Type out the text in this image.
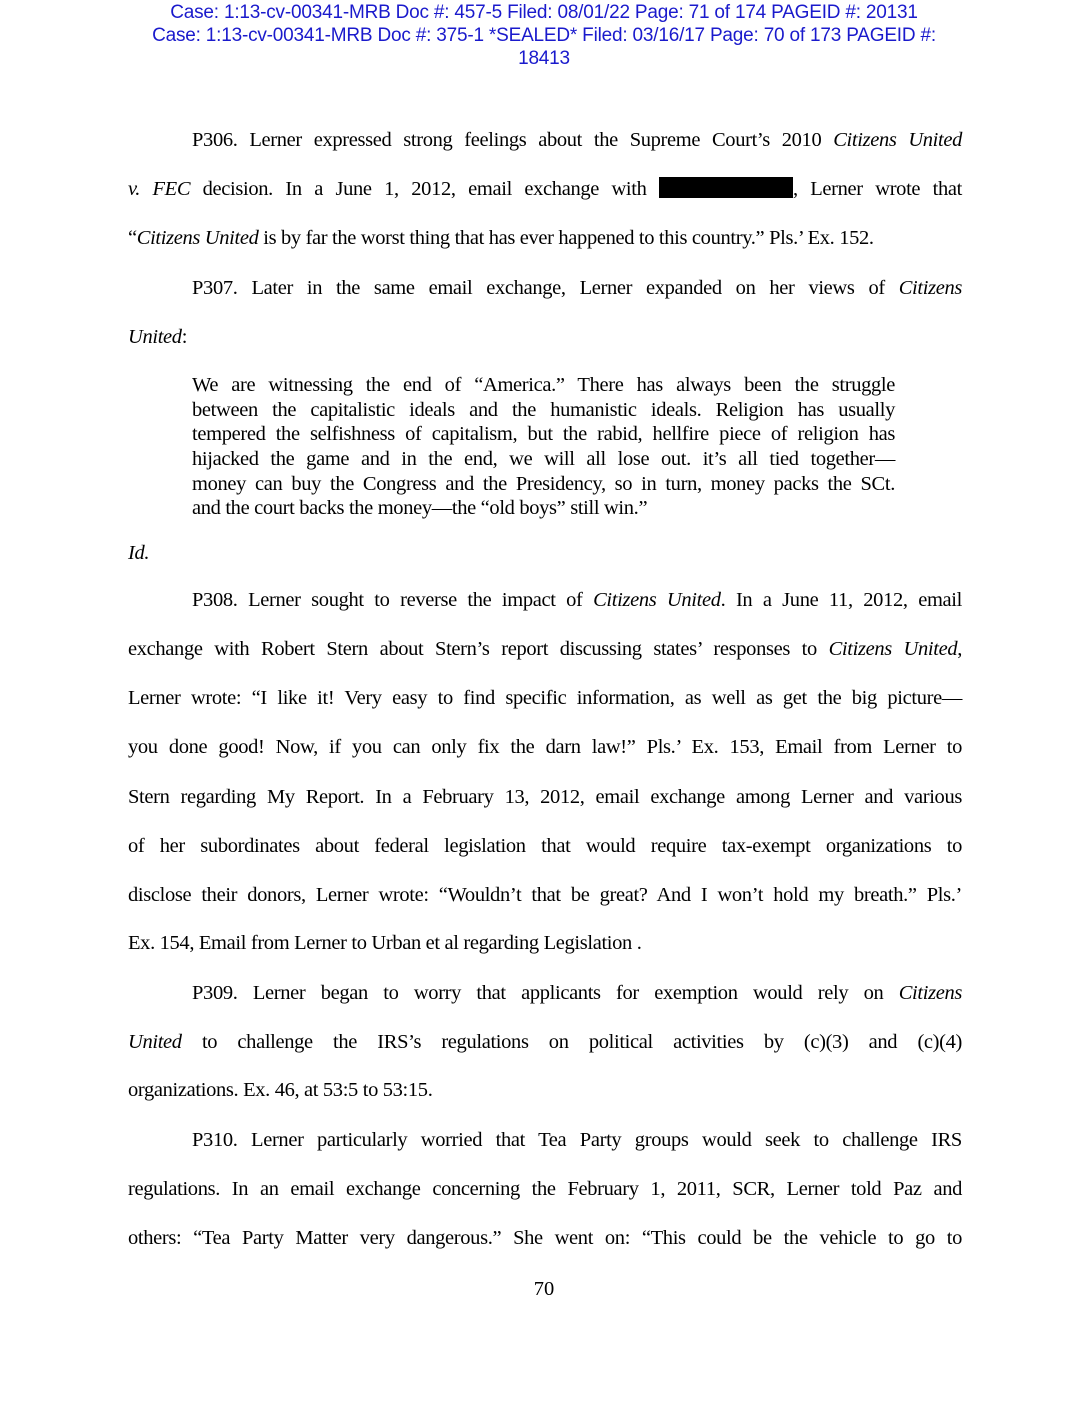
Case: 1:13-cv-00341-MRB Doc #: 457-5 Filed: 08/01/22 Page: 71 of 174 PAGEID #: 20131
Case: 1:13-cv-00341-MRB Doc #: 375-1 *SEALED* Filed: 03/16/17 Page: 70 of 173 PAGEID #:
18413
P306. Lerner expressed strong feelings about the Supreme Court’s 2010 Citizens United
v. FEC decision. In a June 1, 2012, email exchange with	, Lerner wrote that
“Citizens United is by far the worst thing that has ever happened to this country.” Pls.’ Ex. 152.
P307. Later in the same email exchange, Lerner expanded on her views of Citizens
United:
We are witnessing the end of “America.” There has always been the struggle
between the capitalistic ideals and the humanistic ideals. Religion has usually
tempered the selfishness of capitalism, but the rabid, hellfire piece of religion has
hijacked the game and in the end, we will all lose out. it’s all tied together—
money can buy the Congress and the Presidency, so in turn, money packs the SCt.
and the court backs the money—the “old boys” still win.”
Id.
P308. Lerner sought to reverse the impact of Citizens United. In a June 11, 2012, email
exchange with Robert Stern about Stern’s report discussing states’ responses to Citizens United,
Lerner wrote: “I like it! Very easy to find specific information, as well as get the big picture—
you done good! Now, if you can only fix the darn law!” Pls.’ Ex. 153, Email from Lerner to
Stern regarding My Report. In a February 13, 2012, email exchange among Lerner and various
of her subordinates about federal legislation that would require tax-exempt organizations to
disclose their donors, Lerner wrote: “Wouldn’t that be great? And I won’t hold my breath.” Pls.’
Ex. 154, Email from Lerner to Urban et al regarding Legislation .
P309. Lerner began to worry that applicants for exemption would rely on Citizens
United to challenge the IRS’s regulations on political activities by (c)(3) and (c)(4)
organizations. Ex. 46, at 53:5 to 53:15.
P310. Lerner particularly worried that Tea Party groups would seek to challenge IRS
regulations. In an email exchange concerning the February 1, 2011, SCR, Lerner told Paz and
others: “Tea Party Matter very dangerous.” She went on: “This could be the vehicle to go to
70
